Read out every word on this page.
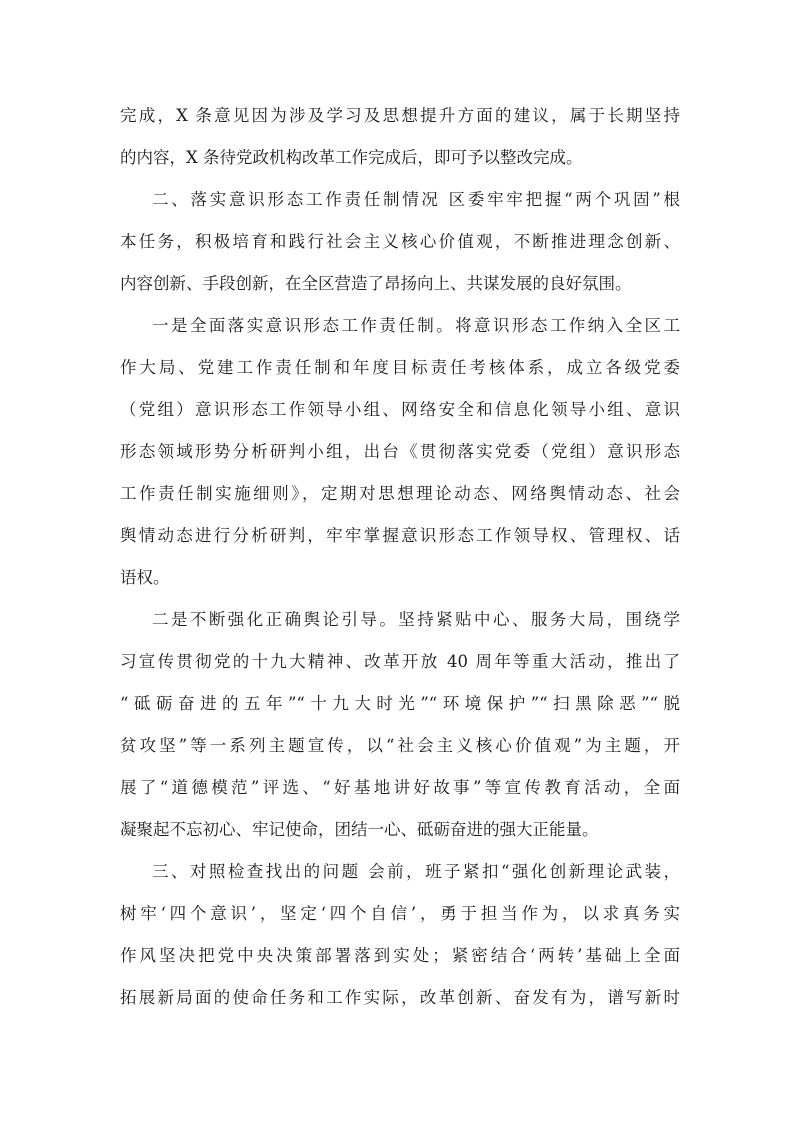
完成，X 条意见因为涉及学习及思想提升方面的建议，属于长期坚持
的内容，X 条待党政机构改革工作完成后，即可予以整改完成。
二、落实意识形态工作责任制情况 区委牢牢把握“两个巩固”根
本任务，积极培育和践行社会主义核心价值观，不断推进理念创新、
内容创新、手段创新，在全区营造了昂扬向上、共谋发展的良好氛围。
一是全面落实意识形态工作责任制。将意识形态工作纳入全区工
作大局、党建工作责任制和年度目标责任考核体系，成立各级党委
（党组）意识形态工作领导小组、网络安全和信息化领导小组、意识
形态领域形势分析研判小组，出台《贯彻落实党委（党组）意识形态
工作责任制实施细则》，定期对思想理论动态、网络舆情动态、社会
舆情动态进行分析研判，牢牢掌握意识形态工作领导权、管理权、话
语权。
二是不断强化正确舆论引导。坚持紧贴中心、服务大局，围绕学
习宣传贯彻党的十九大精神、改革开放 40 周年等重大活动，推出了
“砥砺奋进的五年”“十九大时光”“环境保护”“扫黑除恶”“脱
贫攻坚”等一系列主题宣传，以“社会主义核心价值观”为主题，开
展了“道德模范”评选、“好基地讲好故事”等宣传教育活动，全面
凝聚起不忘初心、牢记使命，团结一心、砥砺奋进的强大正能量。
三、对照检查找出的问题 会前，班子紧扣“强化创新理论武装，
树牢‘四个意识’，坚定‘四个自信’，勇于担当作为，以求真务实
作风坚决把党中央决策部署落到实处；紧密结合‘两转’基础上全面
拓展新局面的使命任务和工作实际，改革创新、奋发有为，谱写新时
